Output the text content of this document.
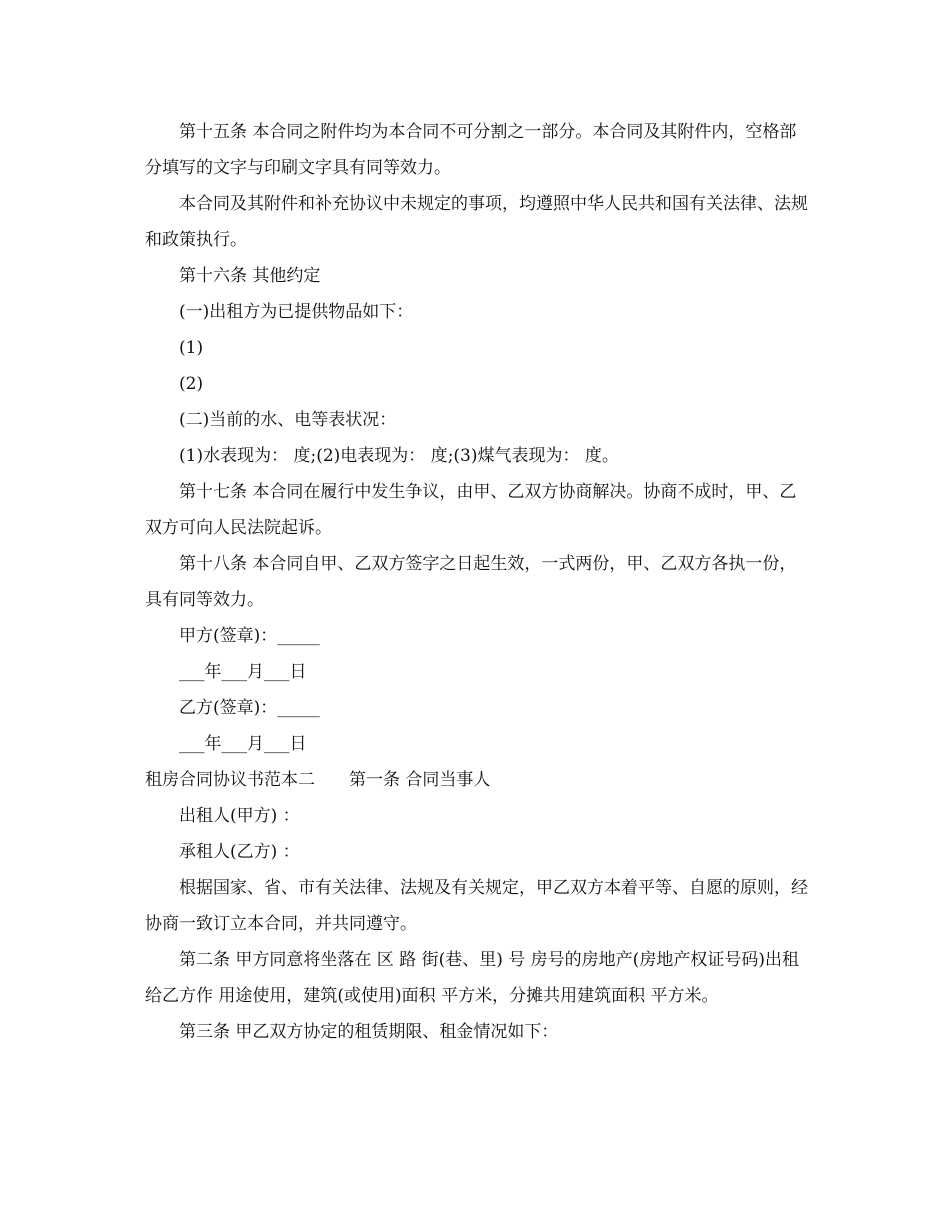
第十五条 本合同之附件均为本合同不可分割之一部分。本合同及其附件内，空格部分填写的文字与印刷文字具有同等效力。

本合同及其附件和补充协议中未规定的事项，均遵照中华人民共和国有关法律、法规和政策执行。

第十六条 其他约定

(一)出租方为已提供物品如下：

(1)

(2)

(二)当前的水、电等表状况：

(1)水表现为： 度;(2)电表现为： 度;(3)煤气表现为： 度。

第十七条 本合同在履行中发生争议，由甲、乙双方协商解决。协商不成时，甲、乙双方可向人民法院起诉。

第十八条 本合同自甲、乙双方签字之日起生效，一式两份，甲、乙双方各执一份，具有同等效力。

甲方(签章)：_____

___年___月___日

乙方(签章)：_____

___年___月___日

租房合同协议书范本二　　第一条 合同当事人

出租人(甲方) ：

承租人(乙方) ：

根据国家、省、市有关法律、法规及有关规定，甲乙双方本着平等、自愿的原则，经协商一致订立本合同，并共同遵守。

第二条 甲方同意将坐落在 区 路 街(巷、里) 号 房号的房地产(房地产权证号码)出租给乙方作 用途使用，建筑(或使用)面积 平方米，分摊共用建筑面积 平方米。

第三条 甲乙双方协定的租赁期限、租金情况如下：
